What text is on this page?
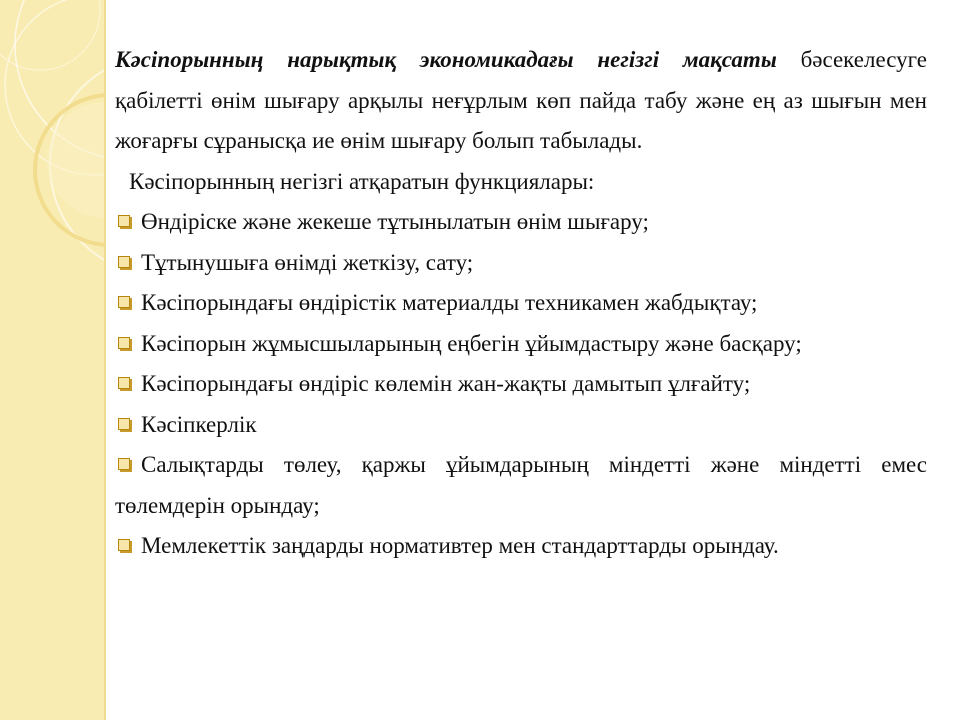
Кәсіпорынның нарықтық экономикадағы негізгі мақсаты бәсекелесуге қабілетті өнім шығару арқылы неғұрлым көп пайда табу және ең аз шығын мен жоғарғы сұранысқа ие өнім шығару болып табылады.

Кәсіпорынның негізгі атқаратын функциялары:

Өндіріске және жекеше тұтынылатын өнім шығару;
Тұтынушыға өнімді жеткізу, сату;
Кәсіпорындағы өндірістік материалды техникамен жабдықтау;
Кәсіпорын жұмысшыларының еңбегін ұйымдастыру және басқару;
Кәсіпорындағы өндіріс көлемін жан-жақты дамытып ұлғайту;
Кәсіпкерлік
Салықтарды төлеу, қаржы ұйымдарының міндетті және міндетті емес төлемдерін орындау;
Мемлекеттік заңдарды нормативтер мен стандарттарды орындау.
